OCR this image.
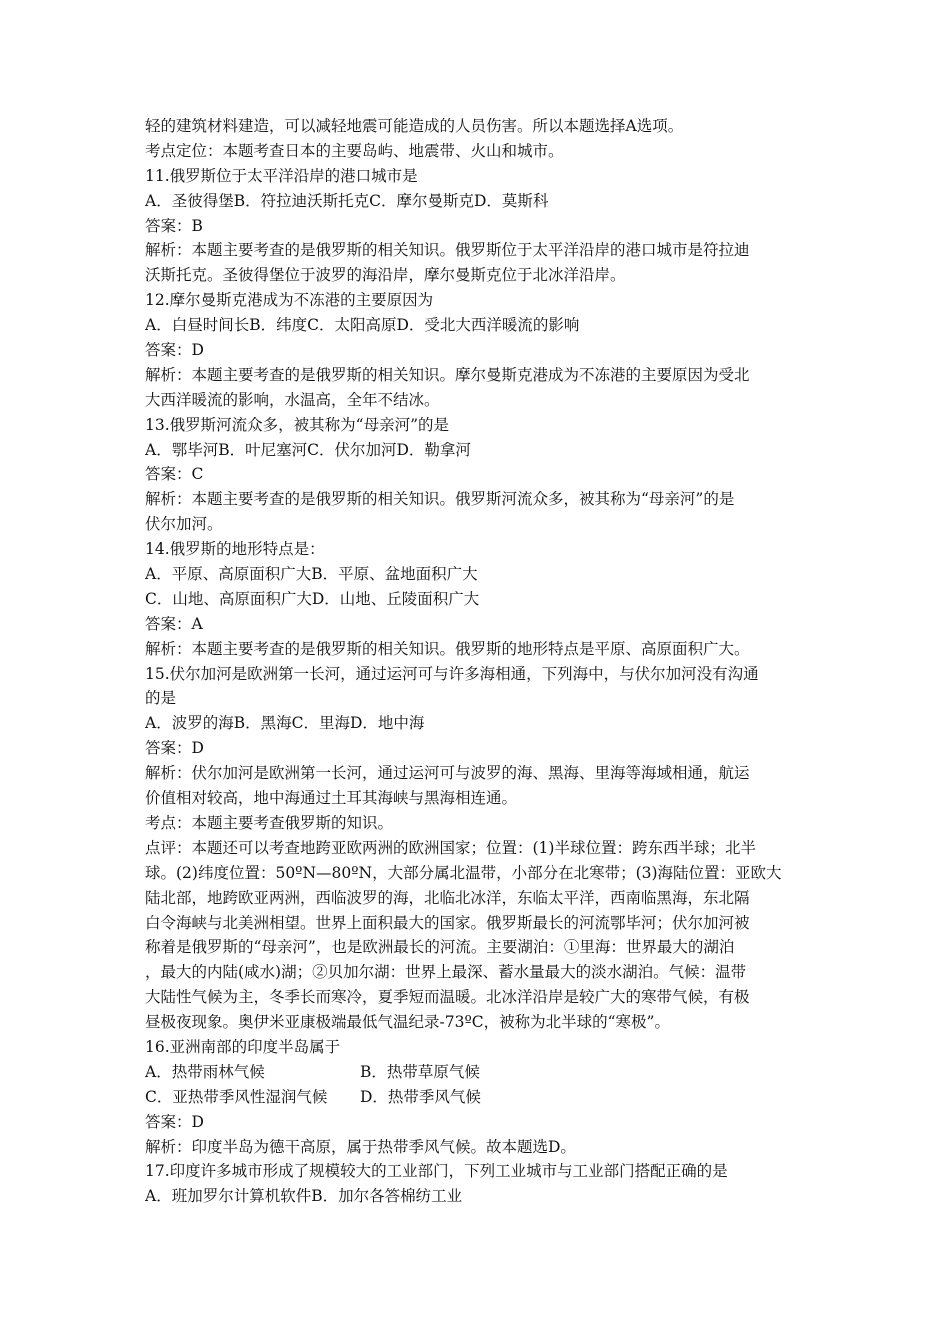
轻的建筑材料建造，可以减轻地震可能造成的人员伤害。所以本题选择A选项。
考点定位：本题考查日本的主要岛屿、地震带、火山和城市。
11.俄罗斯位于太平洋沿岸的港口城市是
A．圣彼得堡B．符拉迪沃斯托克C．摩尔曼斯克D．莫斯科
答案：B
解析：本题主要考查的是俄罗斯的相关知识。俄罗斯位于太平洋沿岸的港口城市是符拉迪
沃斯托克。圣彼得堡位于波罗的海沿岸，摩尔曼斯克位于北冰洋沿岸。
12.摩尔曼斯克港成为不冻港的主要原因为
A．白昼时间长B．纬度C．太阳高原D．受北大西洋暖流的影响
答案：D
解析：本题主要考查的是俄罗斯的相关知识。摩尔曼斯克港成为不冻港的主要原因为受北
大西洋暖流的影响，水温高，全年不结冰。
13.俄罗斯河流众多，被其称为“母亲河”的是
A．鄂毕河B．叶尼塞河C．伏尔加河D．勒拿河
答案：C
解析：本题主要考查的是俄罗斯的相关知识。俄罗斯河流众多，被其称为“母亲河”的是
伏尔加河。
14.俄罗斯的地形特点是：
A．平原、高原面积广大B．平原、盆地面积广大
C．山地、高原面积广大D．山地、丘陵面积广大
答案：A
解析：本题主要考查的是俄罗斯的相关知识。俄罗斯的地形特点是平原、高原面积广大。
15.伏尔加河是欧洲第一长河，通过运河可与许多海相通，下列海中，与伏尔加河没有沟通
的是
A．波罗的海B．黑海C．里海D．地中海
答案：D
解析：伏尔加河是欧洲第一长河，通过运河可与波罗的海、黑海、里海等海域相通，航运
价值相对较高，地中海通过土耳其海峡与黑海相连通。
考点：本题主要考查俄罗斯的知识。
点评：本题还可以考查地跨亚欧两洲的欧洲国家；位置：(1)半球位置：跨东西半球；北半
球。(2)纬度位置：50ºN—80ºN，大部分属北温带，小部分在北寒带；(3)海陆位置：亚欧大
陆北部，地跨欧亚两洲，西临波罗的海，北临北冰洋，东临太平洋，西南临黑海，东北隔
白令海峡与北美洲相望。世界上面积最大的国家。俄罗斯最长的河流鄂毕河；伏尔加河被
称着是俄罗斯的“母亲河”，也是欧洲最长的河流。主要湖泊：①里海：世界最大的湖泊
，最大的内陆(咸水)湖；②贝加尔湖：世界上最深、蓄水量最大的淡水湖泊。气候：温带
大陆性气候为主，冬季长而寒冷，夏季短而温暖。北冰洋沿岸是较广大的寒带气候，有极
昼极夜现象。奥伊米亚康极端最低气温纪录-73ºC，被称为北半球的“寒极”。
16.亚洲南部的印度半岛属于
A．热带雨林气候	B．热带草原气候
C．亚热带季风性湿润气候	D．热带季风气候
答案：D
解析：印度半岛为德干高原，属于热带季风气候。故本题选D。
17.印度许多城市形成了规模较大的工业部门，下列工业城市与工业部门搭配正确的是
A．班加罗尔计算机软件B．加尔各答棉纺工业
